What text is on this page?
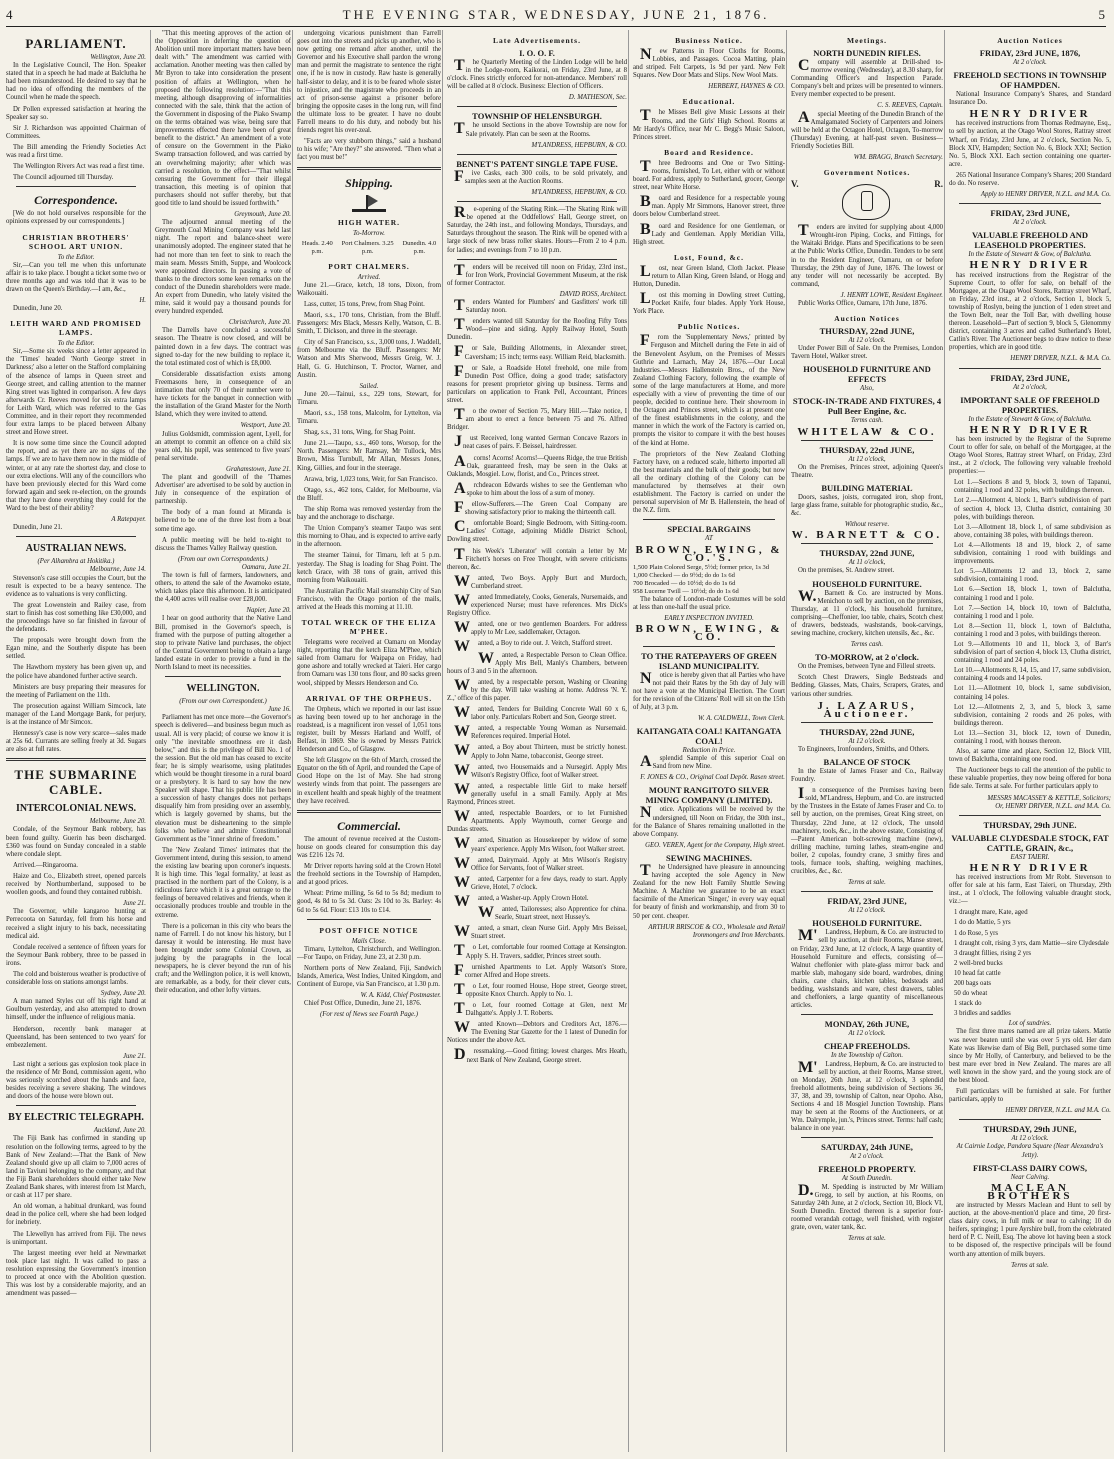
4	THE EVENING STAR, WEDNESDAY, JUNE 21, 1876.	5
PARLIAMENT.
Wellington, June 20.

In the Legislative Council, The Hon. Speaker stated that in a speech he had made at Balclutha he had been misunderstood. He desired to say that he had no idea of offending the members of the Council when he made the speech.

Dr Pollen expressed satisfaction at hearing the Speaker say so.

Sir J. Richardson was appointed Chairman of Committees.

The Bill amending the Friendly Societies Act was read a first time.

The Wellington Rivers Act was read a first time.

The Council adjourned till Thursday.

Correspondence.

[We do not hold ourselves responsible for the opinions expressed by our correspondents.]

CHRISTIAN BROTHERS' SCHOOL ART UNION.
To the Editor.

Sir,—Can you tell me when this unfortunate affair is to take place. I bought a ticket some two or three months ago and was told that it was to be drawn on the Queen's Birthday.—I am, &c.,

H.

Dunedin, June 20.

LEITH WARD AND PROMISED LAMPS.
To the Editor.

Sir,—Some six weeks since a letter appeared in the 'Times' headed 'North George street in Darkness;' also a letter on the Stafford complaining of the absence of lamps in Queen street and George street, and calling attention to the manner King street was lighted in comparison. A few days afterwards Cr. Reeves moved for six extra lamps for Leith Ward, which was referred to the Gas Committee, and in their report they recommended four extra lamps to be placed between Albany street and Howe street.

It is now some time since the Council adopted the report, and as yet there are no signs of the lamps. If we are to have them now in the middle of winter, or at any rate the shortest day, and close to our extra elections. Will any of the councillors who have been previously elected for this Ward come forward again and seek re-election, on the grounds that they have done everything they could for the Ward to the best of their ability?

A Ratepayer.

Dunedin, June 21.

AUSTRALIAN NEWS.
(Per Alhambra at Hokitika.)
Melbourne, June 14.

Stevenson's case still occupies the Court, but the result is expected to be a heavy sentence. The evidence as to valuations is very conflicting.

The great Lowenstein and Railey case, from start to finish has cost something like £30,000, and the proceedings have so far finished in favour of the defendants.

The proposals were brought down from the Egan mine, and the Southerly dispute has been settled.

The Hawthorn mystery has been given up, and the police have abandoned further active search.

Ministers are busy preparing their measures for the meeting of Parliament on the 11th.

The prosecution against William Simcock, late manager of the Land Mortgage Bank, for perjury, is at the instance of Mr Simcox.

Hennessy's case is now very scarce—sales made at 25s 6d. Currants are selling freely at 3d. Sugars are also at full rates.

THE SUBMARINE CABLE.
INTERCOLONIAL NEWS.
Melbourne, June 20.

Condale, of the Seymour Bank robbery, has been found guilty. Guerin has been discharged. £360 was found on Sunday concealed in a stable where condale slept.

Arrived.—Ringarooma.

Haize and Co., Elizabeth street, opened parcels received by Northumberland, supposed to be woollen goods, and found they contained rubbish.

June 21.

The Governor, while kangaroo hunting at Perrecoota on Saturday, fell from his horse and received a slight injury to his back, necessitating medical aid.

Condale received a sentence of fifteen years for the Seymour Bank robbery, three to be passed in irons.

The cold and boisterous weather is productive of considerable loss on stations amongst lambs.

Sydney, June 20.

A man named Styles cut off his right hand at Goulburn yesterday, and also attempted to drown himself, under the influence of religious mania.

Henderson, recently bank manager at Queensland, has been sentenced to two years' for embezzlement.

June 21.

Last night a serious gas explosion took place in the residence of Mr Bond, commission agent, who was seriously scorched about the hands and face, besides receiving a severe shaking. The windows and doors of the house were blown out.

BY ELECTRIC TELEGRAPH.
Auckland, June 20.

The Fiji Bank has confirmed in standing up resolution on the following terms, agreed to by the Bank of New Zealand:—That the Bank of New Zealand should give up all claim to 7,000 acres of land in Taviuni belonging to the company, and that the Fiji Bank shareholders should either take New Zealand Bank shares, with interest from 1st March, or cash at 117 per share.

An old woman, a habitual drunkard, was found dead in the police cell, where she had been lodged for inebriety.

The Llewellyn has arrived from Fiji. The news is unimportant.

The largest meeting ever held at Newmarket took place last night. It was called to pass a resolution expressing the Government's intention to proceed at once with the Abolition question. This was lost by a considerable majority, and an amendment was passed—

"That this meeting approves of the action of the Opposition in deferring the question of Abolition until more important matters have been dealt with." The amendment was carried with acclamation. Another meeting was then called by Mr Byron to take into consideration the present position of affairs at Wellington, when he proposed the following resolution:—"That this meeting, although disapproving of informalities connected with the sale, think that the action of the Government in disposing of the Piako Swamp on the terms obtained was wise, being sure that improvements effected there have been of great benefit to the district." An amendment of a vote of censure on the Government in the Piako Swamp transaction followed, and was carried by an overwhelming majority; after which was carried a resolution, to the effect—"That whilst censuring the Government for their illegal transaction, this meeting is of opinion that purchasers should not suffer thereby, but that good title to land should be issued forthwith."

Greymouth, June 20.

The adjourned annual meeting of the Greymouth Coal Mining Company was held last night. The report and balance-sheet were unanimously adopted. The engineer stated that he had not more than ten feet to sink to reach the main seam. Messrs Smith, Suppe, and Woolcock were appointed directors. In passing a vote of thanks to the directors some keen remarks on the conduct of the Dunedin shareholders were made. An expert from Dunedin, who lately visited the mine, said it would pay a thousand pounds for every hundred expended.

Christchurch, June 20.

The Darrells have concluded a successful season. The Theatre is now closed, and will be painted down in a few days. The contract was signed to-day for the new building to replace it, the total estimated cost of which is £8,000.

Considerable dissatisfaction exists among Freemasons here, in consequence of an intimation that only 70 of their number were to have tickets for the banquet in connection with the installation of the Grand Master for the North Island, which they were invited to attend.

Westport, June 20.

Julius Goldsmidt, commission agent, Lyell, for an attempt to commit an offence on a child six years old, his pupil, was sentenced to five years' penal servitude.

Grahamstown, June 21.

The plant and goodwill of the 'Thames Advertiser' are advertised to be sold by auction in July in consequence of the expiration of partnership.

The body of a man found at Miranda is believed to be one of the three lost from a boat some time ago.

A public meeting will be held to-night to discuss the Thames Valley Railway question.

(From our own Correspondents.)
Oamaru, June 21.

The town is full of farmers, landowners, and others, to attend the sale of the Awamoko estate, which takes place this afternoon. It is anticipated the 4,400 acres will realise over £28,000.

Napier, June 20.

I hear on good authority that the Native Land Bill, promised in the Governor's speech, is framed with the purpose of putting altogether a stop to private Native land purchases, the object of the Central Government being to obtain a large landed estate in order to provide a fund in the North Island to meet its necessities.

WELLINGTON.
(From our own Correspondent.)
June 16.

Parliament has met once more—the Governor's speech is delivered—and business begun much as usual. All is very placid; of course we know it is only "the inevitable smoothness ere it dash below," and this is the privilege of Bill No. 1 of the session. But the old man has ceased to excite fear; he is simply wearisome, using platitudes which would be thought tiresome in a rural board or a presbytery. It is hard to say how the new Speaker will shape. That his public life has been a succession of hasty changes does not perhaps disqualify him from presiding over an assembly, which is largely governed by shams, but the elevation must be disheartening to the simple folks who believe and admire Constitutional Government as the "inner shrine of freedom."

The 'New Zealand Times' intimates that the Government intend, during this session, to amend the existing law bearing upon coroner's inquests. It is high time. This 'legal formality,' at least as practised in the northern part of the Colony, is a ridiculous farce which it is a great outrage to the feelings of bereaved relatives and friends, when it occasionally produces trouble and trouble in the extreme.

There is a policeman in this city who bears the name of Farrell. I do not know his history, but I daresay it would be interesting. He must have been brought under some Colonial Crown, as judging by the paragraphs in the local newspapers, he is clever beyond the run of his craft; and the Wellington police, it is well known, are remarkable, as a body, for their clever cuts, their education, and other lofty virtues.

undergoing vicarious punishment than Farrell goes out into the streets and picks up another, who is now getting one remand after another, until the Governor and his Executive shall pardon the wrong man and permit the magistrate to sentence the right one, if he is now in custody. Raw haste is generally half-sister to delay, and it is to be feared whole sister to injustice, and the magistrate who proceeds in an act of prison-sense against a prisoner before bringing the opposite cases in the long run, will find the ultimate loss to be greater. I have no doubt Farrell means to do his duty, and nobody but his friends regret his over-zeal.

"Facts are very stubborn things," said a husband to his wife; "Are they?" she answered. "Then what a fact you must be!"

Shipping.
HIGH WATER.
To-Morrow.
Heads. 2.40 p.m.
Port Chalmers. 3.25 p.m.
Dunedin. 4.0 p.m.
PORT CHALMERS.
Arrived.

June 21.—Grace, ketch, 18 tons, Dixon, from Waikouaiti.

Lass, cutter, 15 tons, Prew, from Shag Point.

Maori, s.s., 170 tons, Christian, from the Bluff. Passengers: Mrs Black, Messrs Kelly, Watson, C. B. Smith, T. Dickson, and three in the steerage.

City of San Francisco, s.s., 3,000 tons, J. Waddell, from Melbourne via the Bluff. Passengers: Mr Watson and Mrs Sherwood, Messrs Greig, W. J. Hall, G. G. Hutchinson, T. Proctor, Warner, and Austin.

Sailed.

June 20.—Tainui, s.s., 229 tons, Stewart, for Timaru.

Maori, s.s., 158 tons, Malcolm, for Lyttelton, via Timaru.

Shag, s.s., 31 tons, Wing, for Shag Point.

June 21.—Taupo, s.s., 460 tons, Worsop, for the North. Passengers: Mr Ramsay, Mr Tullock, Mrs Brown, Miss Turnbull, Mr Allan, Messrs Jones, King, Gillies, and four in the steerage.

Arawa, brig, 1,023 tons, Weir, for San Francisco.

Otago, s.s., 462 tons, Calder, for Melbourne, via the Bluff.

The ship Roma was removed yesterday from the bay and the anchorage to discharge.

The Union Company's steamer Taupo was sent this morning to Ohau, and is expected to arrive early in the afternoon.

The steamer Tainui, for Timaru, left at 5 p.m. yesterday. The Shag is loading for Shag Point. The ketch Grace, with 38 tons of grain, arrived this morning from Waikouaiti.

The Australian Pacific Mail steamship City of San Francisco, with the Otago portion of the mails, arrived at the Heads this morning at 11.10.

TOTAL WRECK OF THE ELIZA M'PHEE.

Telegrams were received at Oamaru on Monday night, reporting that the ketch Eliza M'Phee, which sailed from Oamaru for Waipapa on Friday, had gone ashore and totally wrecked at Taieri. Her cargo from Oamaru was 130 tons flour, and 80 sacks green wool, shipped by Messrs Henderson and Co.

ARRIVAL OF THE ORPHEUS.

The Orpheus, which we reported in our last issue as having been towed up to her anchorage in the roadstead, is a magnificent iron vessel of 1,051 tons register, built by Messrs Harland and Wolff, of Belfast, in 1869. She is owned by Messrs Patrick Henderson and Co., of Glasgow.

She left Glasgow on the 6th of March, crossed the Equator on the 6th of April, and rounded the Cape of Good Hope on the 1st of May. She had strong westerly winds from that point. The passengers are in excellent health and speak highly of the treatment they have received.

Commercial.

The amount of revenue received at the Custom-house on goods cleared for consumption this day was £216 12s 7d.

Mr Driver reports having sold at the Crown Hotel the freehold sections in the Township of Hampden, and at good prices.

Wheat: Prime milling, 5s 6d to 5s 8d; medium to good, 4s 8d to 5s 3d. Oats: 2s 10d to 3s. Barley: 4s 6d to 5s 6d. Flour: £13 10s to £14.

POST OFFICE NOTICE
Mails Close.

Timaru, Lyttelton, Christchurch, and Wellington.—For Taupo, on Friday, June 23, at 2.30 p.m.

Northern ports of New Zealand, Fiji, Sandwich Islands, America, West Indies, United Kingdom, and Continent of Europe, via San Francisco, at 1.30 p.m.

W. A. Kidd, Chief Postmaster.

Chief Post Office, Dunedin, June 21, 1876.

(For rest of News see Fourth Page.)
Late Advertisements.
I. O. O. F.

The Quarterly Meeting of the Linden Lodge will be held in the Lodge-room, Kaikorai, on Friday, 23rd June, at 8 o'clock. Fines strictly enforced for non-attendance. Members' roll will be called at 8 o'clock. Business: Election of Officers.

D. MATHESON, Sec.
TOWNSHIP OF HELENSBURGH.

The unsold Sections in the above Township are now for Sale privately. Plan can be seen at the Rooms.

M'LANDRESS, HEPBURN, & CO.
BENNET'S PATENT SINGLE TAPE FUSE.

Five Casks, each 300 coils, to be sold privately, and samples seen at the Auction Rooms.

M'LANDRESS, HEPBURN, & CO.

Re-opening of the Skating Rink.—The Skating Rink will be opened at the Oddfellows' Hall, George street, on Saturday, the 24th inst., and following Mondays, Thursdays, and Saturdays throughout the season. The Rink will be opened with a large stock of new brass roller skates. Hours—From 2 to 4 p.m. for ladies; and evenings from 7 to 10 p.m.

Tenders will be received till noon on Friday, 23rd inst., for Iron Work, Provincial Government Museum, at the risk of former Contractor.

DAVID ROSS, Architect.

Tenders Wanted for Plumbers' and Gasfitters' work till Saturday noon.

Tenders wanted till Saturday for the Roofing Fifty Tons Wood—pine and siding. Apply Railway Hotel, South Dunedin.

For Sale, Building Allotments, in Alexander street, Caversham; 15 inch; terms easy. William Reid, blacksmith.

For Sale, a Roadside Hotel freehold, one mile from Dunedin Post Office, doing a good trade; satisfactory reasons for present proprietor giving up business. Terms and particulars on application to Frank Pell, Accountant, Princes street.

To the owner of Section 75, Mary Hill.—Take notice, I am about to erect a fence between 75 and 76. Alfred Bridger.

Just Received, long wanted German Concave Razors in neat cases of pairs. F. Beissel, hairdresser.

Acorns! Acorns! Acorns!—Queens Ridge, the true British Oak, guaranteed fresh, may be seen in the Oaks at Oaklands, Mosgiel. Low, florist, and Co., Princes street.

Archdeacon Edwards wishes to see the Gentleman who spoke to him about the loss of a sum of money.

Fellow-Sufferers.—The Green Coal Company are showing satisfactory prior to making the thirteenth call.

Comfortable Board; Single Bedroom, with Sitting-room. Ladies' Cottage, adjoining Middle District School, Dowling street.

This Week's 'Liberator' will contain a letter by Mr Fitchett's horses on Free Thought, with severe criticisms thereon, &c.

Wanted, Two Boys. Apply Burt and Murdoch, Cumberland street.

Wanted Immediately, Cooks, Generals, Nursemaids, and experienced Nurse; must have references. Mrs Dick's Registry Office.

Wanted, one or two gentlemen Boarders. For address apply to Mr Lee, saddlemaker, Octagon.

Wanted, a Boy to ride out. J. Veitch, Stafford street.

Wanted, a Respectable Person to Clean Office. Apply Mrs Bell, Manly's Chambers, between hours of 3 and 5 in the afternoon.

Wanted, by a respectable person, Washing or Cleaning by the day. Will take washing at home. Address 'N. Y. Z.,' office of this paper.

Wanted, Tenders for Building Concrete Wall 60 x 6, labor only. Particulars Robert and Son, George street.

Wanted, a respectable Young Woman as Nursemaid. References required. Imperial Hotel.

Wanted, a Boy about Thirteen, must be strictly honest. Apply to John Name, tobacconist, George street.

Wanted, two Housemaids and a Nursegirl. Apply Mrs Wilson's Registry Office, foot of Walker street.

Wanted, a respectable little Girl to make herself generally useful in a small Family. Apply at Mrs Raymond, Princes street.

Wanted, respectable Boarders, or to let Furnished Apartments. Apply Waymouth, corner George and Dundas streets.

Wanted, Situation as Housekeeper by widow of some years' experience. Apply Mrs Wilson, foot Walker street.

Wanted, Dairymaid. Apply at Mrs Wilson's Registry Office for Servants, foot of Walker street.

Wanted, Carpenter for a few days, ready to start. Apply Grieve, Hotel, 7 o'clock.

Wanted, a Washer-up. Apply Crown Hotel.

Wanted, Tailoresses; also Apprentice for china. Searle, Stuart street, next Hussey's.

Wanted, a smart, clean Nurse Girl. Apply Mrs Beissel, Stuart street.

To Let, comfortable four roomed Cottage at Kensington. Apply S. H. Travers, saddler, Princes street south.

Furnished Apartments to Let. Apply Watson's Store, corner Alfred and Hope streets.

To Let, four roomed House, Hope street, George street, opposite Knox Church. Apply to No. 1.

To Let, four roomed Cottage at Glen, next Mr Dalhgatte's. Apply J. T. Roberts.

Wanted Known—Debtors and Creditors Act, 1876.—The Evening Star Gazette for the 1 latest of Dunedin for Notices under the above Act.

Dressmaking.—Good fitting; lowest charges. Mrs Heath, next Bank of New Zealand, George street.

Business Notice.

New Patterns in Floor Cloths for Rooms, Lobbies, and Passages. Cocoa Matting, plain and striped. Felt Carpets, 1s 9d per yard. New Felt Squares. New Door Mats and Slips. New Wool Mats.

HERBERT, HAYNES & CO.
Educational.

The Misses Bell give Music Lessons at their Rooms, and the Girls' High School. Rooms at Mr Hardy's Office, near Mr C. Begg's Music Saloon, Princes street.

Board and Residence.

Three Bedrooms and One or Two Sitting-rooms, furnished, To Let, either with or without board. For address, apply to Sutherland, grocer, George street, near White Horse.

Board and Residence for a respectable young man. Apply Mr Simmons, Hanover street, three doors below Cumberland street.

Board and Residence for one Gentleman, or Lady and Gentleman. Apply Meridian Villa, High street.

Lost, Found, &c.

Lost, near Green Island, Cloth Jacket. Please return to Allan King, Green Island, or Hogg and Hutton, Dunedin.

Lost this morning in Dowling street Cutting, Pocket Knife, four blades. Apply York House, York Place.

Public Notices.

From the 'Supplementary News,' printed by Ferguson and Mitchell during the Fete in aid of the Benevolent Asylum, on the Premises of Messrs Guthrie and Larnach, May 24, 1876.—Our Local Industries.—Messrs Hallenstein Bros., of the New Zealand Clothing Factory, following the example of some of the large manufacturers at Home, and more especially with a view of preventing the time of our people, decided to continue here. Their showroom in the Octagon and Princes street, which is at present one of the finest establishments in the colony, and the manner in which the work of the Factory is carried on, prompts the visitor to compare it with the best houses of the kind at Home.

The proprietors of the New Zealand Clothing Factory have, on a reduced scale, hitherto imported all the best materials and the bulk of their goods; but now all the ordinary clothing of the Colony can be manufactured by themselves at their own establishment. The Factory is carried on under the personal supervision of Mr B. Hallenstein, the head of the N.Z. firm.

SPECIAL BARGAINS
AT
BROWN, EWING, & CO.'S.
1,500 Plain Colored Serge, 5½d; former price, 1s 3d
1,000 Checked — do 9½d; do do 1s 6d
700 Brocaded — do 10½d; do do 1s 6d
958 Lucerne Twill — 10½d; do do 1s 6d

The balance of London-made Costumes will be sold at less than one-half the usual price.

EARLY INSPECTION INVITED.
BROWN, EWING, & CO.
TO THE RATEPAYERS OF GREEN ISLAND MUNICIPALITY.

Notice is hereby given that all Parties who have not paid their Rates by the 5th day of July will not have a vote at the Municipal Election. The Court for the revision of the Citizens' Roll will sit on the 15th of July, at 3 p.m.

W. A. CALDWELL, Town Clerk.
KAITANGATA COAL! KAITANGATA COAL!
Reduction in Price.

Asplendid Sample of this superior Coal on Sand from new Mine.

F. JONES & CO., Original Coal Depôt. Rasen street.
MOUNT RANGITOTO SILVER MINING COMPANY (LIMITED).

Notice. Applications will be received by the undersigned, till Noon on Friday, the 30th inst., for the Balance of Shares remaining unallotted in the above Company.

GEO. VEREN, Agent for the Company, High street.
SEWING MACHINES.

The Undersigned have pleasure in announcing having accepted the sole Agency in New Zealand for the new Holt Family Shuttle Sewing Machine. A Machine we guarantee to be an exact facsimile of the American 'Singer,' in every way equal for beauty of finish and workmanship, and from 30 to 50 per cent. cheaper.

ARTHUR BRISCOE & CO., Wholesale and Retail Ironmongers and Iron Merchants.
Meetings.
NORTH DUNEDIN RIFLES.

Company will assemble at Drill-shed to-morrow evening (Wednesday), at 8.30 sharp, for Commanding Officer's and Inspection Parade. Company's belt and prizes will be presented to winners. Every member expected to be present.

C. S. REEVES, Captain.

Aspecial Meeting of the Dunedin Branch of the Amalgamated Society of Carpenters and Joiners will be held at the Octagon Hotel, Octagon, To-morrow (Thursday) Evening, at half-past seven. Business—Friendly Societies Bill.

WM. BRAGG, Branch Secretary.
Government Notices.
V.	R.

Tenders are invited for supplying about 4,000 Wrought-iron Piping, Cocks, and Fittings, for the Waitaki Bridge. Plans and Specifications to be seen at the Public Works Office, Dunedin. Tenders to be sent in to the Resident Engineer, Oamaru, on or before Thursday, the 29th day of June, 1876. The lowest or any tender will not necessarily be accepted. By command,

J. HENRY LOWE, Resident Engineer.

Public Works Office, Oamaru, 17th June, 1876.

Auction Notices
THURSDAY, 22nd JUNE,
At 12 o'clock.

Under Power Bill of Sale. On the Premises, London Tavern Hotel, Walker street.

HOUSEHOLD FURNITURE AND EFFECTS
Also,
STOCK-IN-TRADE AND FIXTURES, 4 Pull Beer Engine, &c.
Terms cash.
WHITELAW & CO.
THURSDAY, 22nd JUNE,
At 12 o'clock,

On the Premises, Princes street, adjoining Queen's Theatre.

BUILDING MATERIAL

Doors, sashes, joists, corrugated iron, shop front, large glass frame, suitable for photographic studio, &c., &c.

Without reserve.
W. BARNETT & CO.
THURSDAY, 22nd JUNE,
At 11 o'clock,

On the premises, St. Andrew street.

HOUSEHOLD FURNITURE.

W.Barnett & Co. are instructed by Mons. Menichon to sell by auction, on the premises, Thursday, at 11 o'clock, his household furniture, comprising—Cheffonier, loo table, chairs, Scotch chest of drawers, bedsteads, washstands, book-carvings, sewing machine, crockery, kitchen utensils, &c., &c.

Terms cash.
TO-MORROW, at 2 o'clock.

On the Premises, between Tyne and Filleul streets.

Scotch Chest Drawers, Single Bedsteads and Bedding, Glasses, Mats, Chairs, Scrapers, Grates, and various other sundries.

J. LAZARUS, Auctioneer.
THURSDAY, 22nd JUNE,
At 12 o'clock.

To Engineers, Ironfounders, Smiths, and Others.

BALANCE OF STOCK

In the Estate of James Fraser and Co., Railway Foundry.

In consequence of the Premises having been sold, M'Landress, Hepburn, and Co. are instructed by the Trustees in the Estate of James Fraser and Co. to sell by auction, on the premises, Great King street, on Thursday, 22nd June, at 12 o'clock, The unsold machinery, tools, &c., in the above estate, Consisting of—Patent American bolt-screwing machine (new), drilling machine, turning lathes, steam-engine and boiler, 2 cupolas, foundry crane, 3 smithy fires and tools, furnace tools, shafting, weighing machines, crucibles, &c., &c.

Terms at sale.
FRIDAY, 23rd JUNE,
At 12 o'clock.
HOUSEHOLD FURNITURE.

M'Landress, Hepburn, & Co. are instructed to sell by auction, at their Rooms, Manse street, on Friday, 23rd June, at 12 o'clock, A large quantity of Household Furniture and effects, consisting of—Walnut cheffonier with plate-glass mirror back and marble slab, mahogany side board, wardrobes, dining chairs, cane chairs, kitchen tables, bedsteads and bedding, washstands and ware, chest drawers, tables and cheffoniers, a large quantity of miscellaneous articles.

MONDAY, 26th JUNE,
At 12 o'clock.
CHEAP FREEHOLDS.
In the Township of Calton.

M'Landress, Hepburn, & Co. are instructed to sell by auction, at their Rooms, Manse street, on Monday, 26th June, at 12 o'clock, 3 splendid freehold allotments, being subdivision of Sections 36, 37, 38, and 39, township of Calton, near Opoho. Also, Sections 4 and 18 Mosgiel Junction Township. Plans may be seen at the Rooms of the Auctioneers, or at Wm. Dalrymple, jun.'s, Princes street. Terms: half cash; balance in one year.

SATURDAY, 24th JUNE,
At 2 o'clock.
FREEHOLD PROPERTY.
At South Dunedin.

D.M. Spedding is instructed by Mr William Gregg, to sell by auction, at his Rooms, on Saturday 24th June, at 2 o'clock, Section 10, Block VI, South Dunedin. Erected thereon is a superior four-roomed verandah cottage, well finished, with register grate, oven, water tank, &c.

Terms at sale.
Auction Notices
FRIDAY, 23rd JUNE, 1876,
At 2 o'clock.
FREEHOLD SECTIONS IN TOWNSHIP OF HAMPDEN.

National Insurance Company's Shares, and Standard Insurance Do.

HENRY DRIVER

has received instructions from Thomas Redmayne, Esq., to sell by auction, at the Otago Wool Stores, Rattray street Wharf, on Friday, 23rd June, at 2 o'clock, Section No. 5, Block XIV, Hampden; Section No. 6, Block XXI; Section No. 5, Block XXI. Each section containing one quarter-acre.

265 National Insurance Company's Shares; 200 Standard do do. No reserve.

Apply to HENRY DRIVER, N.Z.L. and M.A. Co.
FRIDAY, 23rd JUNE,
At 2 o'clock.
VALUABLE FREEHOLD AND LEASEHOLD PROPERTIES.
In the Estate of Stewart & Gow, of Balclutha.
HENRY DRIVER

has received instructions from the Registrar of the Supreme Court, to offer for sale, on behalf of the Mortgagee, at the Otago Wool Stores, Rattray street Wharf, on Friday, 23rd inst., at 2 o'clock, Section 1, block 5, township of Roslyn, being the junction of 1 eden street and the Town Belt, near the Toll Bar, with dwelling house thereon. Leasehold—Part of section 9, block 5, Glenommy district, containing 3 acres and called Sutherland's Hotel, Catlin's River. The Auctioneer begs to draw notice to these properties, which are in good title.

HENRY DRIVER, N.Z.L. & M.A. Co.
FRIDAY, 23rd JUNE,
At 2 o'clock,
IMPORTANT SALE OF FREEHOLD PROPERTIES.
In the Estate of Stewart & Gow, of Balclutha.
HENRY DRIVER

has been instructed by the Registrar of the Supreme Court to offer for sale, on behalf of the Mortgagee, at the Otago Wool Stores, Rattray street Wharf, on Friday, 23rd inst., at 2 o'clock, The following very valuable freehold properties:—

Lot 1.—Sections 8 and 9, block 3, town of Tapanui, containing 1 rood and 32 poles, with buildings thereon.

Lot 2.—Allotment 4, block 1, Barr's subdivision of part of section 4, block 13, Clutha district, containing 30 poles, with buildings thereon.

Lot 3.—Allotment 18, block 1, of same subdivision as above, containing 38 poles, with buildings thereon.

Lot 4.—Allotments 18 and 19, block 2, of same subdivision, containing 1 rood with buildings and improvements.

Lot 5.—Allotments 12 and 13, block 2, same subdivision, containing 1 rood.

Lot 6.—Section 18, block 1, town of Balclutha, containing 1 rood and 1 pole.

Lot 7.—Section 14, block 10, town of Balclutha, containing 1 rood and 1 pole.

Lot 8.—Section 11, block 1, town of Balclutha, containing 1 rood and 3 poles, with buildings thereon.

Lot 9.—Allotments 10 and 11, block 3, of Barr's subdivision of part of section 4, block 13, Clutha district, containing 1 rood and 24 poles.

Lot 10.—Allotments 8, 14, 15, and 17, same subdivision, containing 4 roods and 14 poles.

Lot 11.—Allotment 10, block 1, same subdivision, containing 14 poles.

Lot 12.—Allotments 2, 3, and 5, block 3, same subdivision, containing 2 roods and 26 poles, with buildings thereon.

Lot 13.—Section 31, block 12, town of Dunedin, containing 1 rood, with houses thereon.

Also, at same time and place, Section 12, Block VIII, town of Balclutha, containing one rood.

The Auctioneer begs to call the attention of the public to these valuable properties, they now being offered for bona fide sale. Terms at sale. For further particulars apply to

MESSRS MACASSEY & KETTLE, Solicitors;
Or, HENRY DRIVER, N.Z.L. and M.A. Co.
THURSDAY, 29th JUNE.
VALUABLE CLYDESDALE STOCK, FAT CATTLE, GRAIN, &c.,
EAST TAIERI.
HENRY DRIVER

has received instructions from Mr Robt. Stevenson to offer for sale at his farm, East Taieri, on Thursday, 29th inst., at 1 o'clock, The following valuable draught stock, viz.:—

1 draught mare, Kate, aged

1 do do Mattie, 5 yrs

1 do Rose, 5 yrs

1 draught colt, rising 3 yrs, dam Mattie—sire Clydesdale

3 draught fillies, rising 2 yrs

2 well-bred bucks

10 head fat cattle

200 bags oats

50 do wheat

1 stack do

3 bridles and saddles

Lot of sundries.

The first three mares named are all prize takers. Mattie was never beaten until she was over 5 yrs old. Her dam Kate was likewise dam of Big Bell, purchased some time since by Mr Holly, of Canterbury, and believed to be the best mare ever bred in New Zealand. The mares are all well known in the show yard, and the young stock are of the best blood.

Full particulars will be furnished at sale. For further particulars, apply to

HENRY DRIVER, N.Z.L. and M.A. Co.
THURSDAY, 29th JUNE,
At 12 o'clock.
At Cairnie Lodge, Pandora Square (Near Alexandra's Jetty).
FIRST-CLASS DAIRY COWS,
Near Calving.
MACLEAN BROTHERS

are instructed by Messrs Maclean and Hunt to sell by auction, at the above-mention'd place and time, 20 first-class dairy cows, in full milk or near to calving; 10 do heifers, springing; 1 pure Ayrshire bull, from the celebrated herd of P. C. Neill, Esq. The above lot having been a stock to be disposed of, the respective principals will be found worth any attention of milk buyers.

Terms at sale.
